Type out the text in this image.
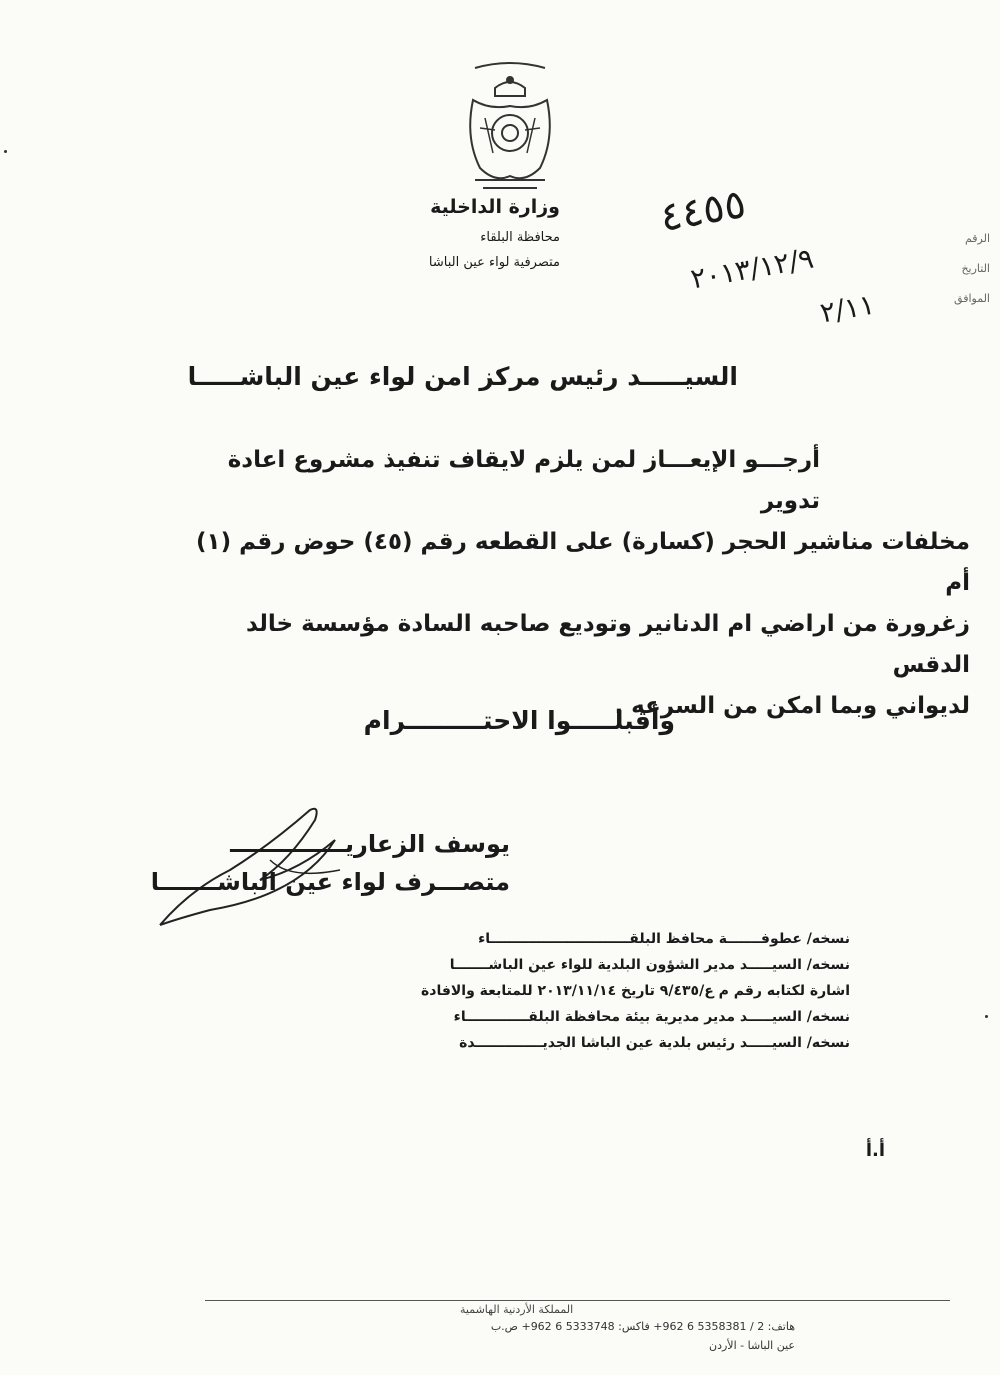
وزارة الداخلية
محافظة البلقاء
متصرفية لواء عين الباشا
٤٤٥٥
٢٠١٣/١٢/٩
٢/١١
الرقم
التاريخ
الموافق
السيـــــد رئيس مركز امن لواء عين الباشـــــا
أرجـــو الإيعـــاز لمن يلزم لايقاف تنفيذ مشروع اعادة تدوير
مخلفات مناشير الحجر (كسارة) على القطعه رقم (٤٥) حوض رقم (١) أم
زغرورة من اراضي ام الدنانير وتوديع صاحبه السادة مؤسسة خالد الدقس
لديواني وبما امكن من السرعه .
وأقبلـــــوا الاحتـــــــــرام
يوسف الزعاريــــــــــــــ
متصـــرف لواء عين الباشـــــــا
نسخه/ عطوفـــــــة محافظ البلقـــــــــــــــــــــــــــــاء
نسخه/ السيـــــد مدير الشؤون البلدية للواء عين الباشـــــــا
اشارة لكتابه رقم م ع/٩/٤٣٥ تاريخ ٢٠١٣/١١/١٤ للمتابعة والافادة
نسخه/ السيـــــد مدير مديرية بيئة محافظة البلقـــــــــــــاء
نسخه/ السيـــــد رئيس بلدية عين الباشا الجديــــــــــــــدة
أ.أ
المملكة الأردنية الهاشمية
هاتف: 2 / 5358381 6 962+ فاكس: 5333748 6 962+ ص.ب
عين الباشا - الأردن
